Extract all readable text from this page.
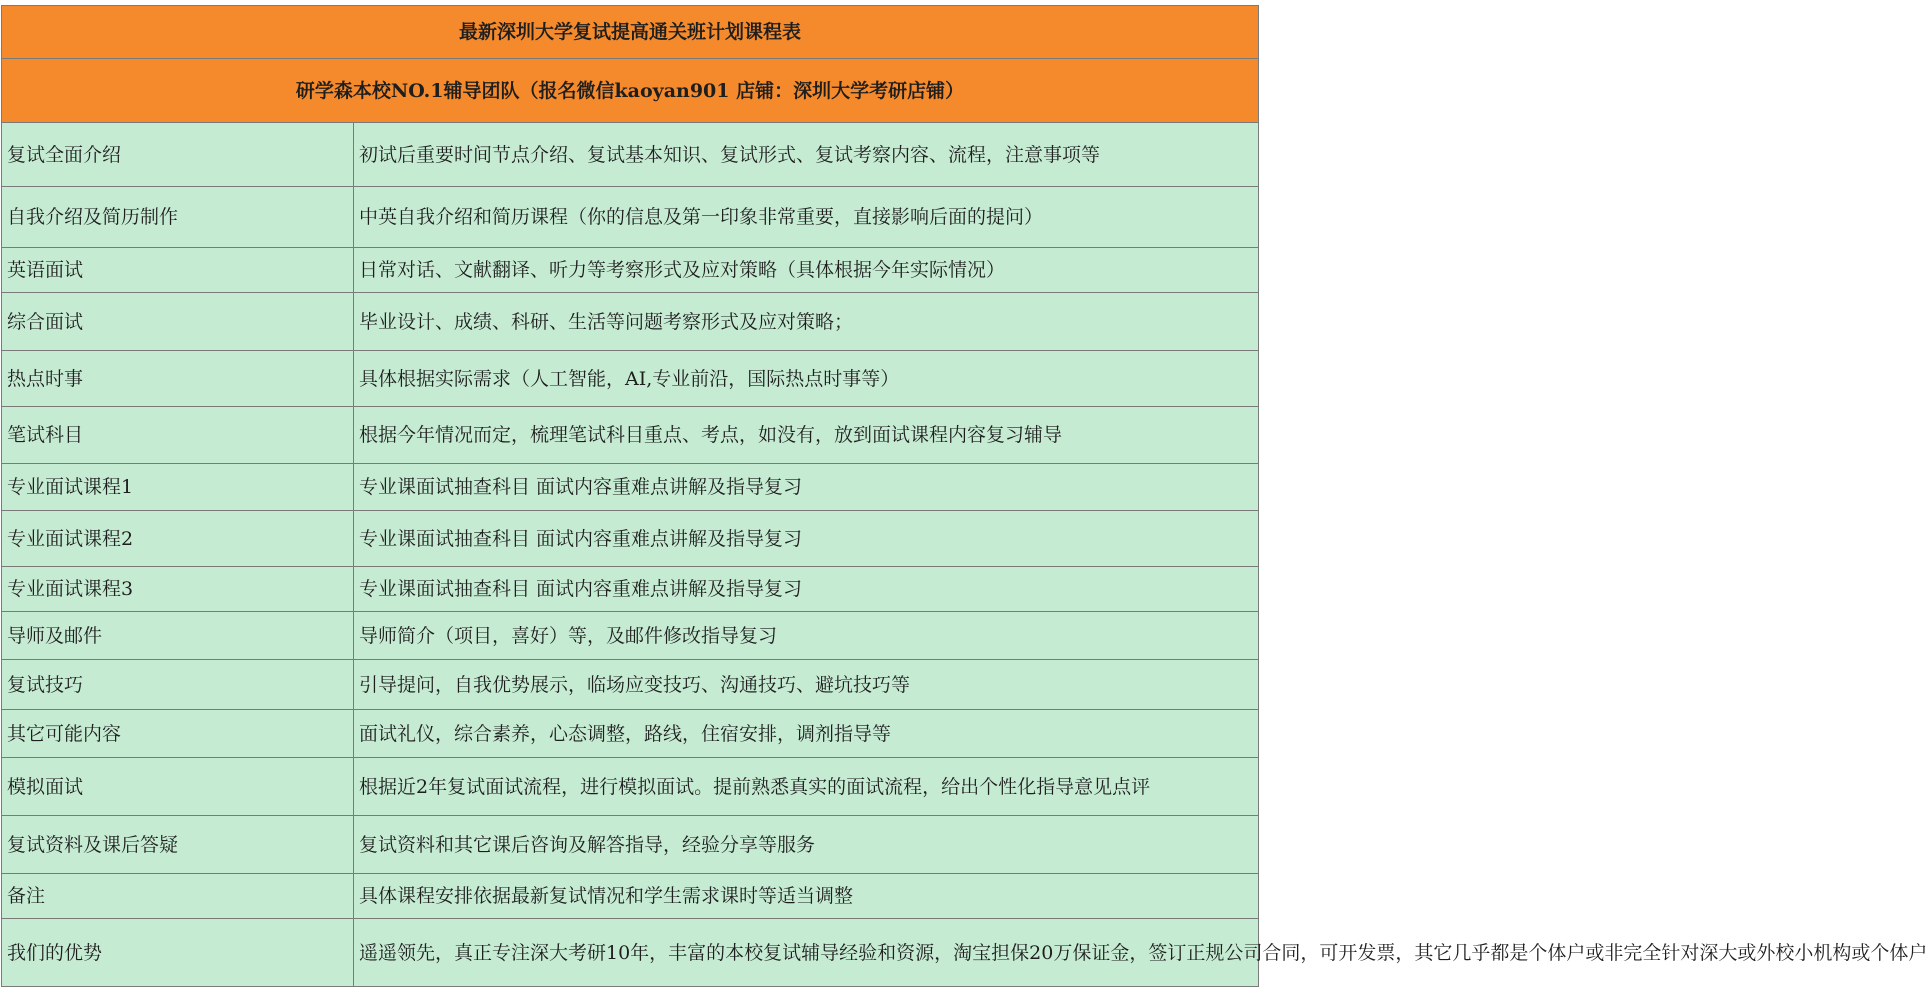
最新深圳大学复试提高通关班计划课程表	
研学森本校NO.1辅导团队（报名微信kaoyan901 店铺：深圳大学考研店铺）	
复试全面介绍	初试后重要时间节点介绍、复试基本知识、复试形式、复试考察内容、流程，注意事项等
自我介绍及简历制作	中英自我介绍和简历课程（你的信息及第一印象非常重要，直接影响后面的提问）
英语面试	日常对话、文献翻译、听力等考察形式及应对策略（具体根据今年实际情况）
综合面试	毕业设计、成绩、科研、生活等问题考察形式及应对策略；
热点时事	具体根据实际需求（人工智能，AI,专业前沿，国际热点时事等）
笔试科目	根据今年情况而定，梳理笔试科目重点、考点，如没有，放到面试课程内容复习辅导
专业面试课程1	专业课面试抽查科目 面试内容重难点讲解及指导复习
专业面试课程2	专业课面试抽查科目 面试内容重难点讲解及指导复习
专业面试课程3	专业课面试抽查科目 面试内容重难点讲解及指导复习
导师及邮件	导师简介（项目，喜好）等，及邮件修改指导复习
复试技巧	引导提问，自我优势展示，临场应变技巧、沟通技巧、避坑技巧等
其它可能内容	面试礼仪，综合素养，心态调整，路线，住宿安排，调剂指导等
模拟面试	根据近2年复试面试流程，进行模拟面试。提前熟悉真实的面试流程，给出个性化指导意见点评
复试资料及课后答疑	复试资料和其它课后咨询及解答指导，经验分享等服务
备注	具体课程安排依据最新复试情况和学生需求课时等适当调整
我们的优势	遥遥领先，真正专注深大考研10年，丰富的本校复试辅导经验和资源，淘宝担保20万保证金，签订正规公司合同，可开发票，其它几乎都是个体户或非完全针对深大或外校小机构或个体户
